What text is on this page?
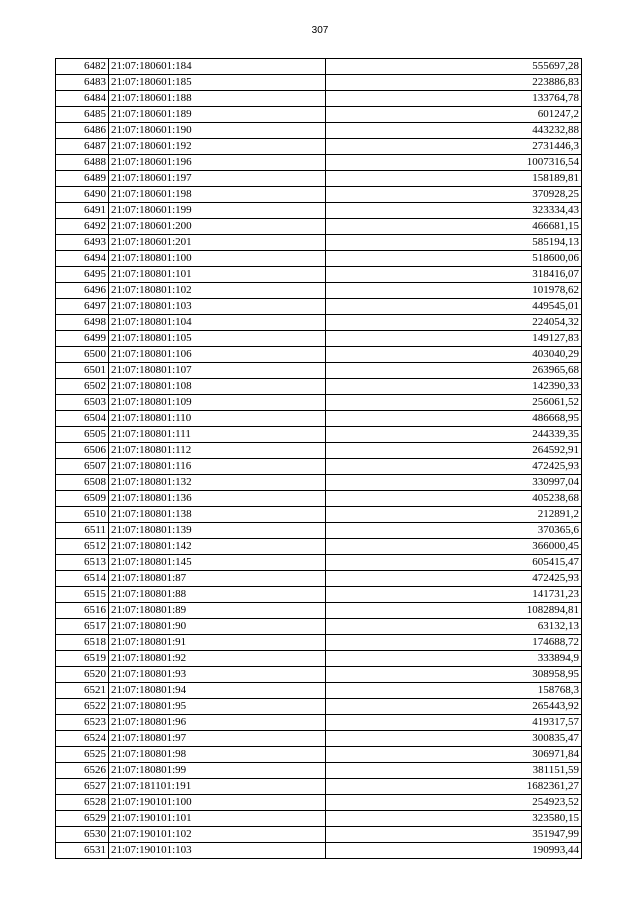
307
6482	21:07:180601:184	555697,28
6483	21:07:180601:185	223886,83
6484	21:07:180601:188	133764,78
6485	21:07:180601:189	601247,2
6486	21:07:180601:190	443232,88
6487	21:07:180601:192	2731446,3
6488	21:07:180601:196	1007316,54
6489	21:07:180601:197	158189,81
6490	21:07:180601:198	370928,25
6491	21:07:180601:199	323334,43
6492	21:07:180601:200	466681,15
6493	21:07:180601:201	585194,13
6494	21:07:180801:100	518600,06
6495	21:07:180801:101	318416,07
6496	21:07:180801:102	101978,62
6497	21:07:180801:103	449545,01
6498	21:07:180801:104	224054,32
6499	21:07:180801:105	149127,83
6500	21:07:180801:106	403040,29
6501	21:07:180801:107	263965,68
6502	21:07:180801:108	142390,33
6503	21:07:180801:109	256061,52
6504	21:07:180801:110	486668,95
6505	21:07:180801:111	244339,35
6506	21:07:180801:112	264592,91
6507	21:07:180801:116	472425,93
6508	21:07:180801:132	330997,04
6509	21:07:180801:136	405238,68
6510	21:07:180801:138	212891,2
6511	21:07:180801:139	370365,6
6512	21:07:180801:142	366000,45
6513	21:07:180801:145	605415,47
6514	21:07:180801:87	472425,93
6515	21:07:180801:88	141731,23
6516	21:07:180801:89	1082894,81
6517	21:07:180801:90	63132,13
6518	21:07:180801:91	174688,72
6519	21:07:180801:92	333894,9
6520	21:07:180801:93	308958,95
6521	21:07:180801:94	158768,3
6522	21:07:180801:95	265443,92
6523	21:07:180801:96	419317,57
6524	21:07:180801:97	300835,47
6525	21:07:180801:98	306971,84
6526	21:07:180801:99	381151,59
6527	21:07:181101:191	1682361,27
6528	21:07:190101:100	254923,52
6529	21:07:190101:101	323580,15
6530	21:07:190101:102	351947,99
6531	21:07:190101:103	190993,44
